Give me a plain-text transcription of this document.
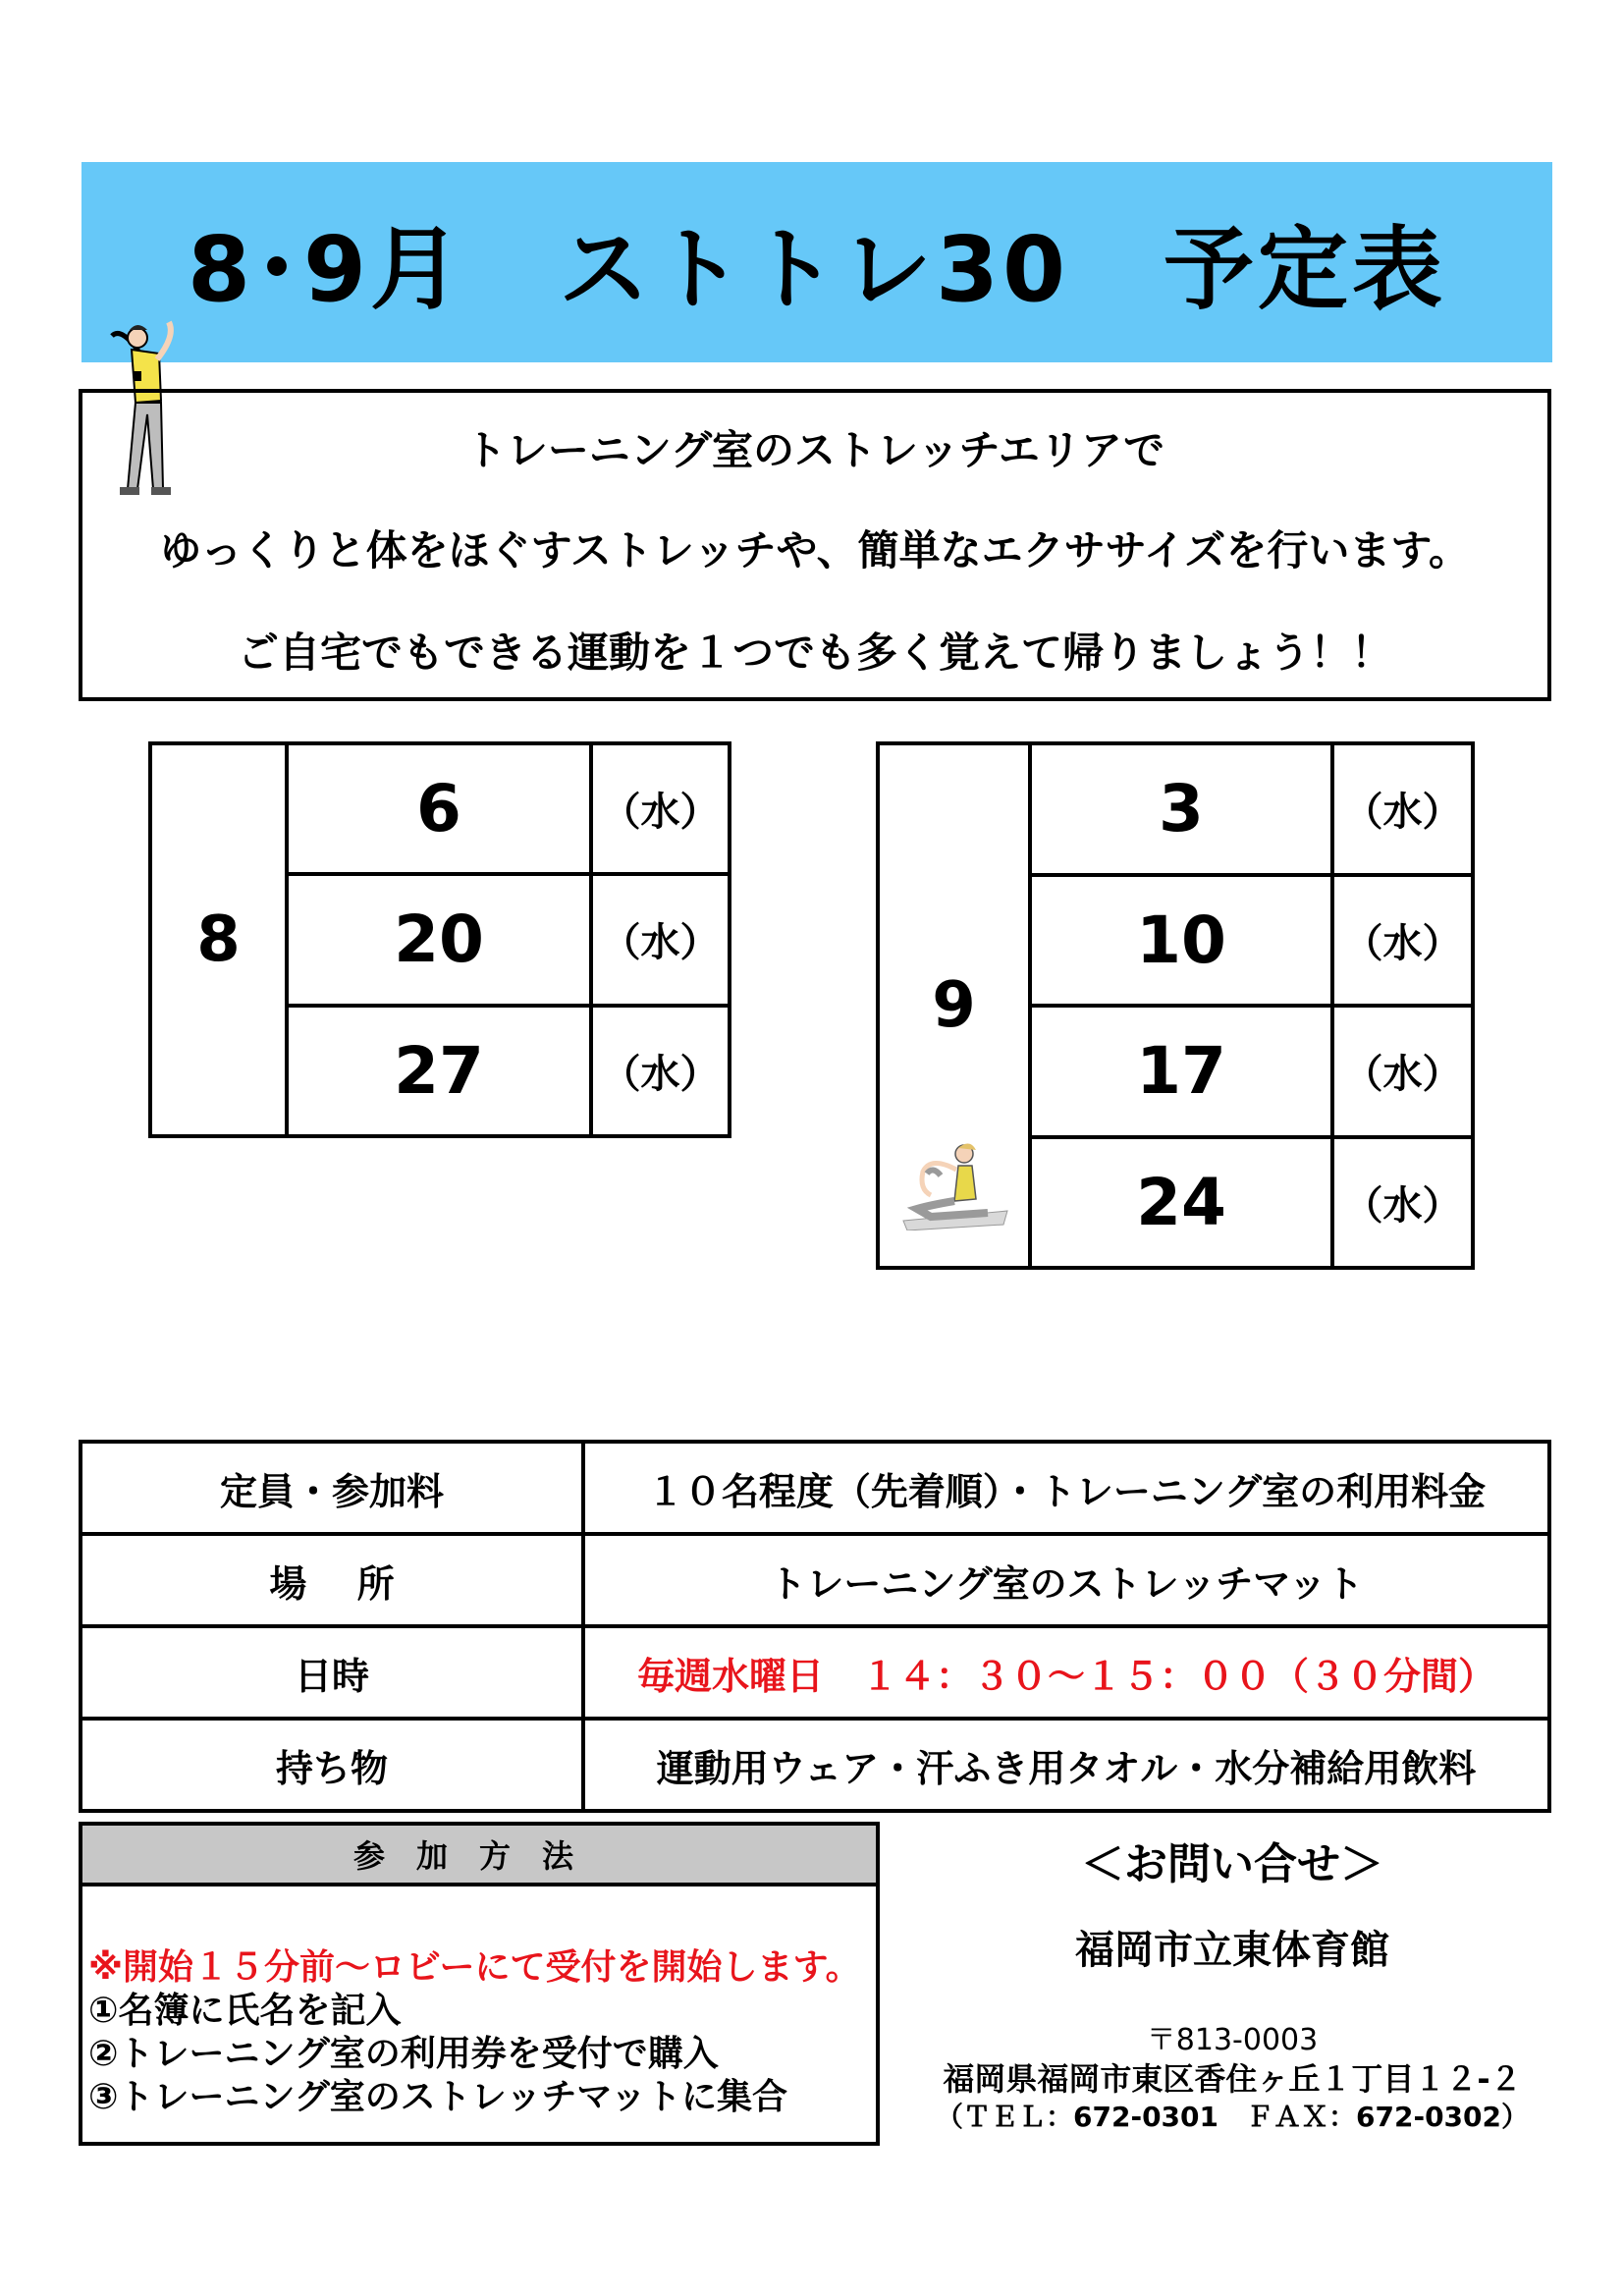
8･9月　ストトレ30　予定表
トレーニング室のストレッチエリアで
ゆっくりと体をほぐすストレッチや、簡単なエクササイズを行います。
ご自宅でもできる運動を１つでも多く覚えて帰りましょう！！
8	6	（水）
	20	（水）
	27	（水）
9	3	（水）
	10	（水）
	17	（水）
	24	（水）
定員・参加料	１０名程度（先着順）・トレーニング室の利用料金
場　 所	トレーニング室のストレッチマット
日時	毎週水曜日　１４：３０～１５：００（３０分間）
持ち物	運動用ウェア・汗ふき用タオル・水分補給用飲料
参加方法
※開始１５分前～ロビーにて受付を開始します。
①名簿に氏名を記入
②トレーニング室の利用券を受付で購入
③トレーニング室のストレッチマットに集合
＜お問い合せ＞
福岡市立東体育館
〒813-0003
福岡県福岡市東区香住ヶ丘１丁目１２-２
（ＴＥＬ：672-0301　ＦＡＸ：672-0302）
